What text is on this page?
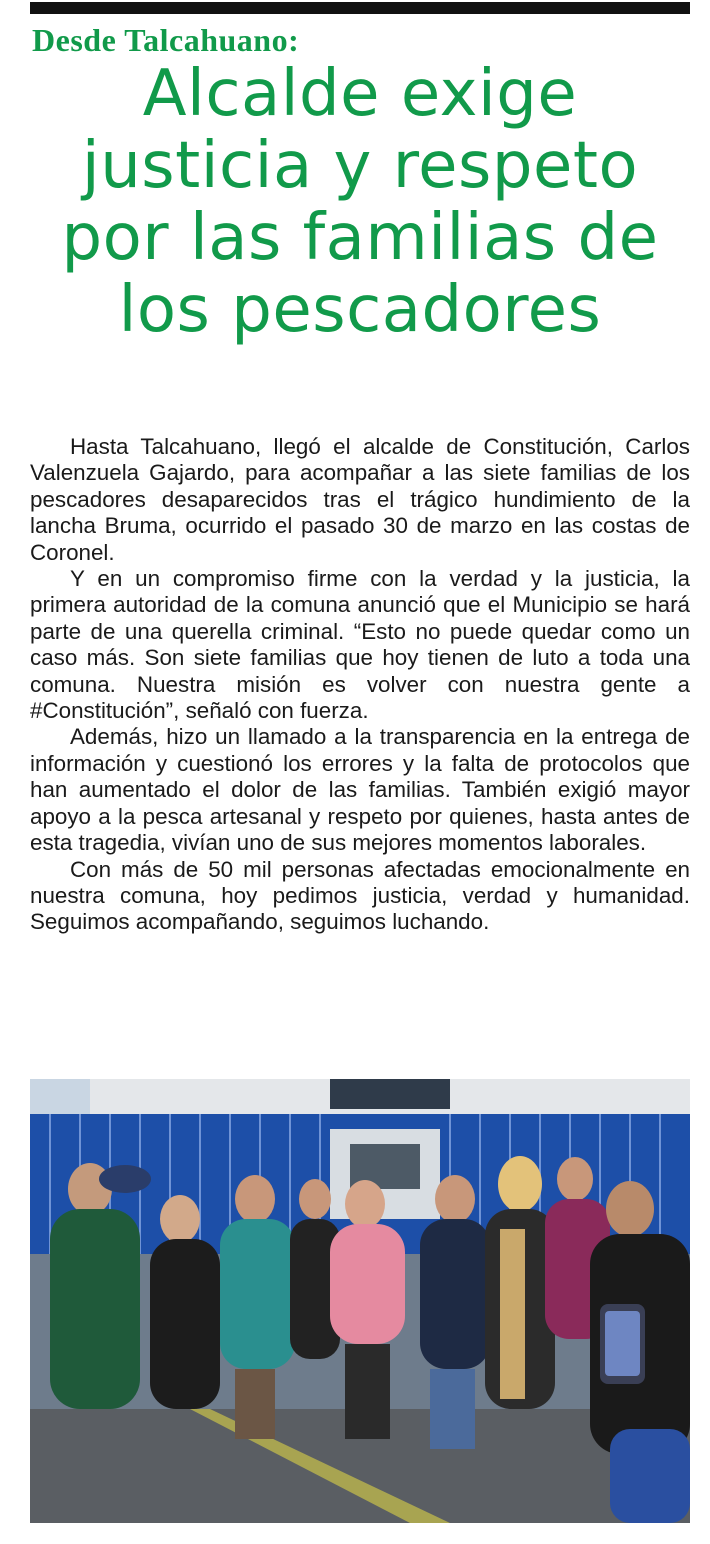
Desde Talcahuano:
Alcalde exige justicia y respeto por las familias de los pescadores

Hasta Talcahuano, llegó el alcalde de Constitución, Carlos Valenzuela Gajardo, para acompañar a las siete familias de los pescadores desaparecidos tras el trágico hundimiento de la lancha Bruma, ocurrido el pasado 30 de marzo en las costas de Coronel.

Y en un compromiso firme con la verdad y la justicia, la primera autoridad de la comuna anunció que el Municipio se hará parte de una querella criminal. “Esto no puede quedar como un caso más. Son siete familias que hoy tienen de luto a toda una comuna. Nuestra misión es volver con nuestra gente a #Constitución”, señaló con fuerza.

Además, hizo un llamado a la transparencia en la entrega de información y cuestionó los errores y la falta de protocolos que han aumentado el dolor de las familias. También exigió mayor apoyo a la pesca artesanal y respeto por quienes, hasta antes de esta tragedia, vivían uno de sus mejores momentos laborales.

Con más de 50 mil personas afectadas emocionalmente en nuestra comuna, hoy pedimos justicia, verdad y humanidad. Seguimos acompañando, seguimos luchando.
